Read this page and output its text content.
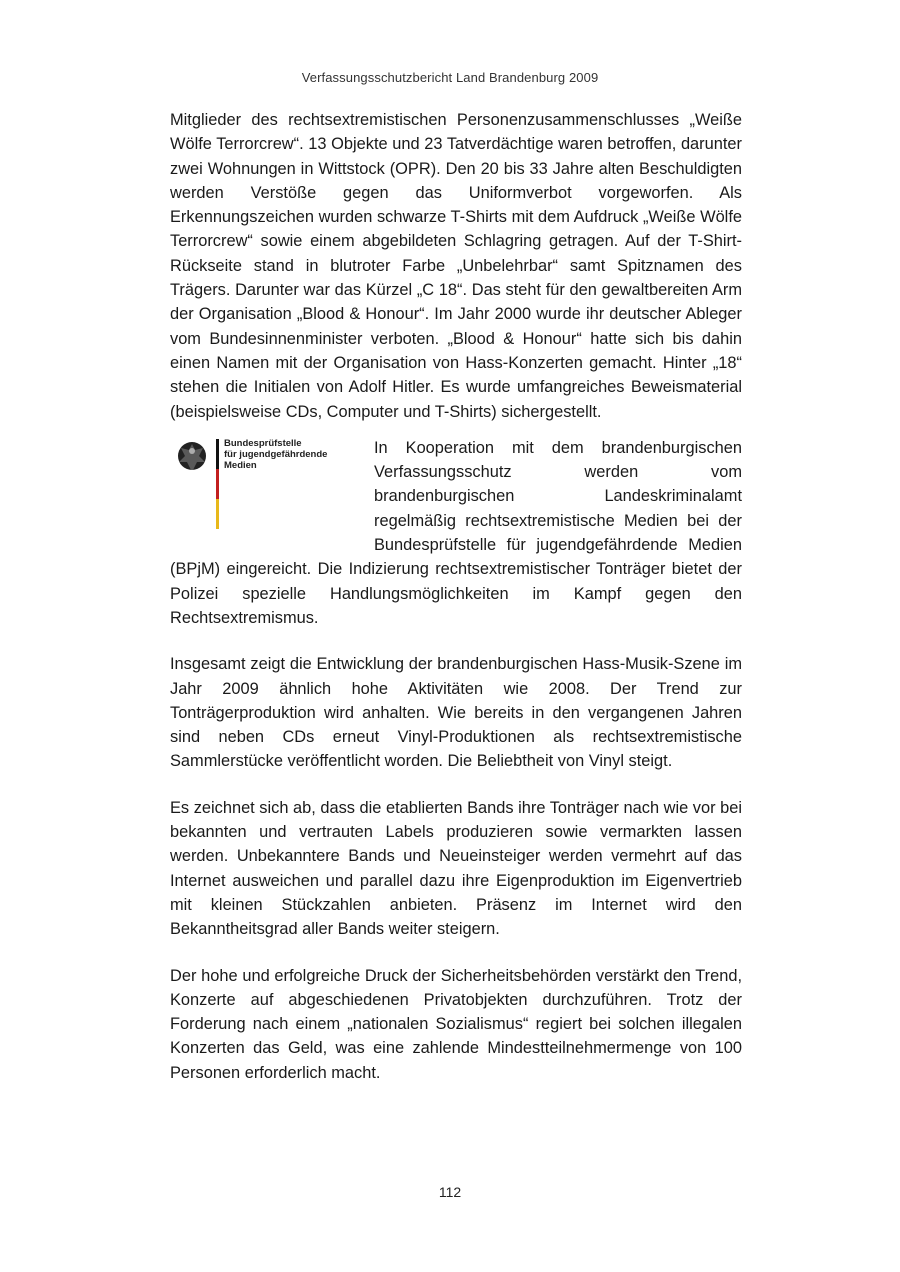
Verfassungsschutzbericht Land Brandenburg 2009

Mitglieder des rechtsextremistischen Personenzusammenschlusses „Weiße Wölfe Terrorcrew“. 13 Objekte und 23 Tatverdächtige waren betroffen, darunter zwei Wohnungen in Wittstock (OPR). Den 20 bis 33 Jahre alten Beschuldigten werden Verstöße gegen das Uniformverbot vorgeworfen. Als Erkennungszeichen wurden schwarze T-Shirts mit dem Aufdruck „Weiße Wölfe Terrorcrew“ sowie einem abgebildeten Schlagring getragen. Auf der T-Shirt-Rückseite stand in blutroter Farbe „Unbelehrbar“ samt Spitznamen des Trägers. Darunter war das Kürzel „C 18“. Das steht für den gewaltbereiten Arm der Organisation „Blood & Honour“. Im Jahr 2000 wurde ihr deutscher Ableger vom Bundesinnenminister verboten. „Blood & Honour“ hatte sich bis dahin einen Namen mit der Organisation von Hass-Konzerten gemacht. Hinter „18“ stehen die Initialen von Adolf Hitler. Es wurde umfangreiches Beweismaterial (beispielsweise CDs, Computer und T-Shirts) sichergestellt.

Bundesprüfstelle
für jugendgefährdende
Medien

In Kooperation mit dem brandenburgischen Verfassungsschutz werden vom brandenburgischen Landeskriminalamt regelmäßig rechtsextremistische Medien bei der Bundesprüfstelle für jugendgefährdende Medien (BPjM) eingereicht. Die Indizierung rechtsextremistischer Tonträger bietet der Polizei spezielle Handlungsmöglichkeiten im Kampf gegen den Rechtsextremismus.

Insgesamt zeigt die Entwicklung der brandenburgischen Hass-Musik-Szene im Jahr 2009 ähnlich hohe Aktivitäten wie 2008. Der Trend zur Tonträgerproduktion wird anhalten. Wie bereits in den vergangenen Jahren sind neben CDs erneut Vinyl-Produktionen als rechtsextremistische Sammlerstücke veröffentlicht worden. Die Beliebtheit von Vinyl steigt.

Es zeichnet sich ab, dass die etablierten Bands ihre Tonträger nach wie vor bei bekannten und vertrauten Labels produzieren sowie vermarkten lassen werden. Unbekanntere Bands und Neueinsteiger werden vermehrt auf das Internet ausweichen und parallel dazu ihre Eigenproduktion im Eigenvertrieb mit kleinen Stückzahlen anbieten. Präsenz im Internet wird den Bekanntheitsgrad aller Bands weiter steigern.

Der hohe und erfolgreiche Druck der Sicherheitsbehörden verstärkt den Trend, Konzerte auf abgeschiedenen Privatobjekten durchzuführen. Trotz der Forderung nach einem „nationalen Sozialismus“ regiert bei solchen illegalen Konzerten das Geld, was eine zahlende Mindestteilnehmermenge von 100 Personen erforderlich macht.

112
